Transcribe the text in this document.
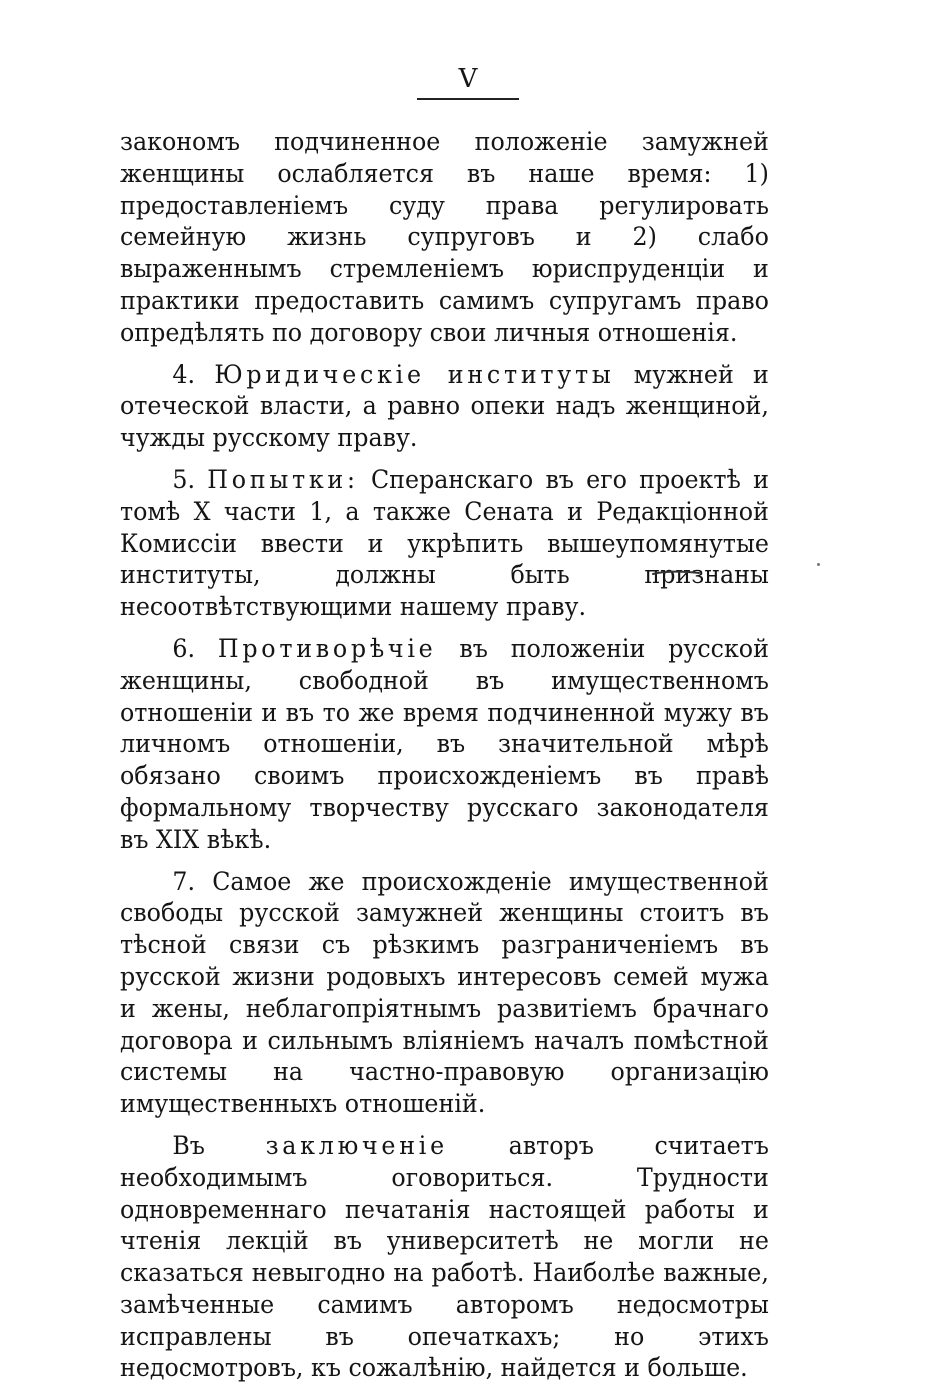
V

закономъ подчиненное положеніе замужней женщины ослабляется въ наше время: 1) предоставленіемъ суду права регулировать семейную жизнь супруговъ и 2) слабо выраженнымъ стремленіемъ юриспруденціи и практики предоставить самимъ супругамъ право опредѣлять по договору свои личныя отношенія.

4. Юридическіе институты мужней и отеческой власти, а равно опеки надъ женщиной, чужды русскому праву.

5. Попытки: Сперанскаго въ его проектѣ и томѣ X части 1, а также Сената и Редакціонной Комиссіи ввести и укрѣпить вышеупомянутые институты, должны быть признаны несоотвѣтствующими нашему праву.

6. Противорѣчіе въ положеніи русской женщины, свободной въ имущественномъ отношеніи и въ то же время подчиненной мужу въ личномъ отношеніи, въ значительной мѣрѣ обязано своимъ происхожденіемъ въ правѣ формальному творчеству русскаго законодателя въ XIX вѣкѣ.

7. Самое же происхожденіе имущественной свободы русской замужней женщины стоитъ въ тѣсной связи съ рѣзкимъ разграниченіемъ въ русской жизни родовыхъ интересовъ семей мужа и жены, неблагопріятнымъ развитіемъ брачнаго договора и сильнымъ вліяніемъ началъ помѣстной системы на частно-правовую организацію имущественныхъ отношеній.

Въ заключеніе авторъ считаетъ необходимымъ оговориться. Трудности одновременнаго печатанія настоящей работы и чтенія лекцій въ университетѣ не могли не сказаться невыгодно на работѣ. Наиболѣе важные, замѣченные самимъ авторомъ недосмотры исправлены въ опечаткахъ; но этихъ недосмотровъ, къ сожалѣнію, найдется и больше.
